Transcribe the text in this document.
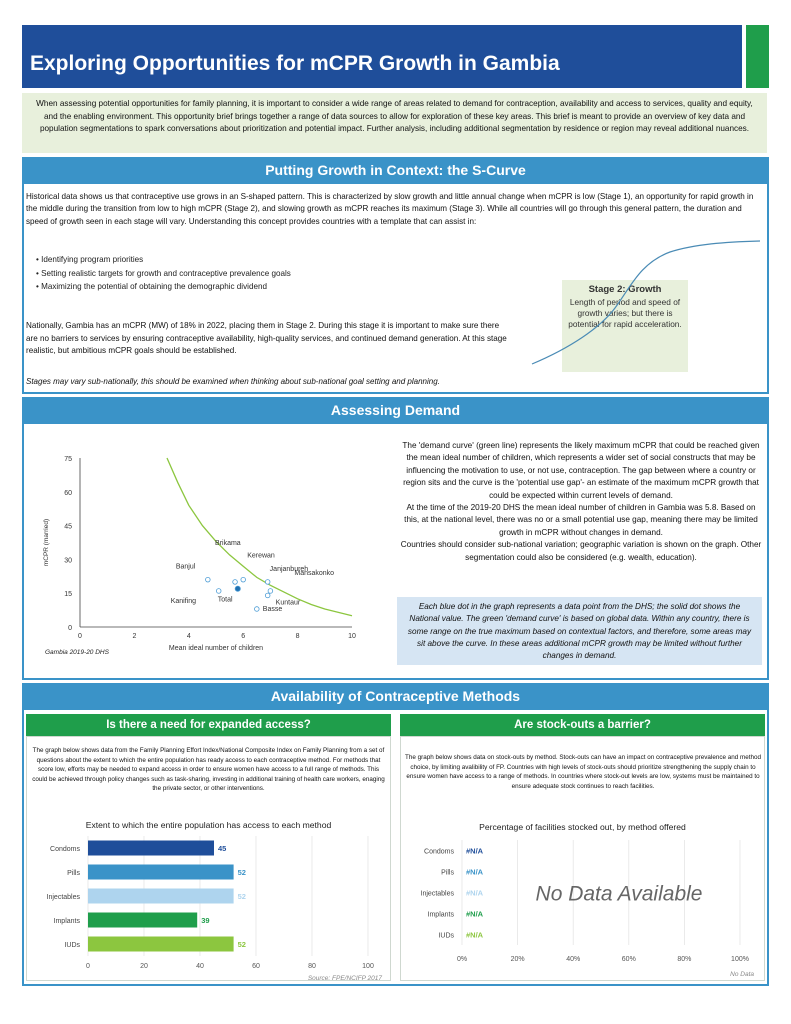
Exploring Opportunities for mCPR Growth in Gambia
When assessing potential opportunities for family planning, it is important to consider a wide range of areas related to demand for contraception, availability and access to services, quality and equity, and the enabling environment. This opportunity brief brings together a range of data sources to allow for exploration of these key areas. This brief is meant to provide an overview of key data and population segmentations to spark conversations about prioritization and potential impact. Further analysis, including additional segmentation by residence or region may reveal additional nuances.
Putting Growth in Context: the S-Curve
Historical data shows us that contraceptive use grows in an S-shaped pattern. This is characterized by slow growth and little annual change when mCPR is low (Stage 1), an opportunity for rapid growth in the middle during the transition from low to high mCPR (Stage 2), and slowing growth as mCPR reaches its maximum (Stage 3). While all countries will go through this general pattern, the duration and speed of growth seen in each stage will vary. Understanding this concept provides countries with a template that can assist in:
• Identifying program priorities
• Setting realistic targets for growth and contraceptive prevalence goals
• Maximizing the potential of obtaining the demographic dividend
Nationally, Gambia has an mCPR (MW) of 18% in 2022, placing them in Stage 2. During this stage it is important to make sure there are no barriers to services by ensuring contraceptive availability, high-quality services, and continued demand generation. At this stage realistic, but ambitious mCPR goals should be established.
Stages may vary sub-nationally, this should be examined when thinking about sub-national goal setting and planning.
Stage 2: Growth
Length of period and speed of growth varies; but there is potential for rapid acceleration.
Assessing Demand
The 'demand curve' (green line) represents the likely maximum mCPR that could be reached given the mean ideal number of children, which represents a wider set of social constructs that may be influencing the motivation to use, or not use, contraception. The gap between where a country or region sits and the curve is the 'potential use gap'- an estimate of the maximum mCPR growth that could be expected within current levels of demand.
At the time of the 2019-20 DHS the mean ideal number of children in Gambia was 5.8. Based on this, at the national level, there was no or a small potential use gap, meaning there may be limited growth in mCPR without changes in demand.
Countries should consider sub-national variation; geographic variation is shown on the graph. Other segmentation could also be considered (e.g. wealth, education).
Each blue dot in the graph represents a data point from the DHS; the solid dot shows the National value. The green 'demand curve' is based on global data. Within any country, there is some range on the true maximum based on contextual factors, and therefore, some areas may sit above the curve. In these areas additional mCPR growth may be limited without further changes in demand.
0
15
30
45
60
75
0	2	4	6	8	10
Mean ideal number of children
mCPR (married)
Banjul
Kanifing
Brikama
Total
Kerewan
Janjanbureh
Mansakonko
Kuntaur
Basse
Gambia 2019-20 DHS
Availability of Contraceptive Methods
Is there a need for expanded access?	Are stock-outs a barrier?
The graph below shows data from the Family Planning Effort Index/National Composite Index on Family Planning from a set of questions about the extent to which the entire population has ready access to each contraceptive method. For methods that score low, efforts may be needed to expand access in order to ensure women have access to a full range of methods. This could be achieved through policy changes such as task-sharing, investing in additional training of health care workers, enaging the private sector, or other interventions.
The graph below shows data on stock-outs by method. Stock-outs can have an impact on contraceptive prevalence and method choice, by limiting avalibility of FP. Countries with high levels of stock-outs should prioritize strengthening the supply chain to ensure women have access to a range of methods. In countries where stock-out levels are low, systems must be maintained to ensure adequate stock continues to reach facilities.
Extent to which the entire population has access to each method
0	20	40	60	80	100
Condoms	45
Pills	52
Injectables	52
Implants	39
IUDs	52
Source: FPE/NCIFP 2017
Percentage of facilities stocked out, by method offered
0%	20%	40%	60%	80%	100%
Condoms #N/A
Pills #N/A
Injectables #N/A
Implants #N/A
IUDs #N/A
No Data Available
No Data
